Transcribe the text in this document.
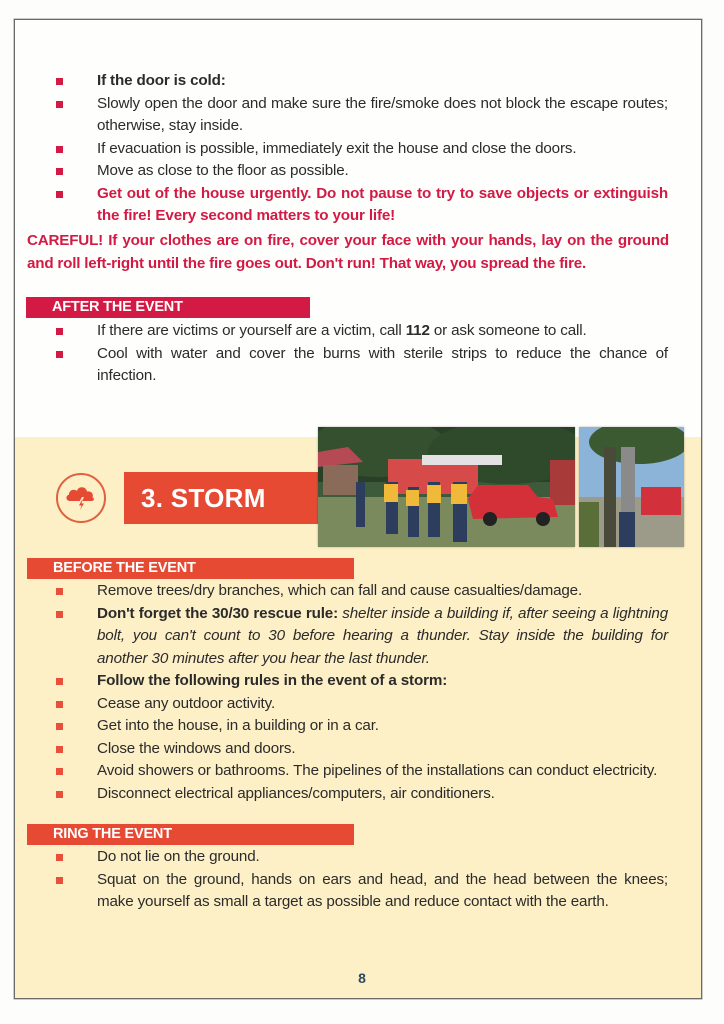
If the door is cold:
Slowly open the door and make sure the fire/smoke does not block the escape routes; otherwise, stay inside.
If evacuation is possible, immediately exit the house and close the doors.
Move as close to the floor as possible.
Get out of the house urgently. Do not pause to try to save objects or extinguish the fire! Every second matters to your life!
CAREFUL! If your clothes are on fire, cover your face with your hands, lay on the ground and roll left-right until the fire goes out. Don't run! That way, you spread the fire.
AFTER THE EVENT
If there are victims or yourself are a victim, call 112 or ask someone to call.
Cool with water and cover the burns with sterile strips to reduce the chance of infection.
3. STORM
BEFORE THE EVENT
Remove trees/dry branches, which can fall and cause casualties/damage.
Don't forget the 30/30 rescue rule: shelter inside a building if, after seeing a lightning bolt, you can't count to 30 before hearing a thunder. Stay inside the building for another 30 minutes after you hear the last thunder.
Follow the following rules in the event of a storm:
Cease any outdoor activity.
Get into the house, in a building or in a car.
Close the windows and doors.
Avoid showers or bathrooms. The pipelines of the installations can conduct electricity.
Disconnect electrical appliances/computers, air conditioners.
RING THE EVENT
Do not lie on the ground.
Squat on the ground, hands on ears and head, and the head between the knees; make yourself as small a target as possible and reduce contact with the earth.
8
